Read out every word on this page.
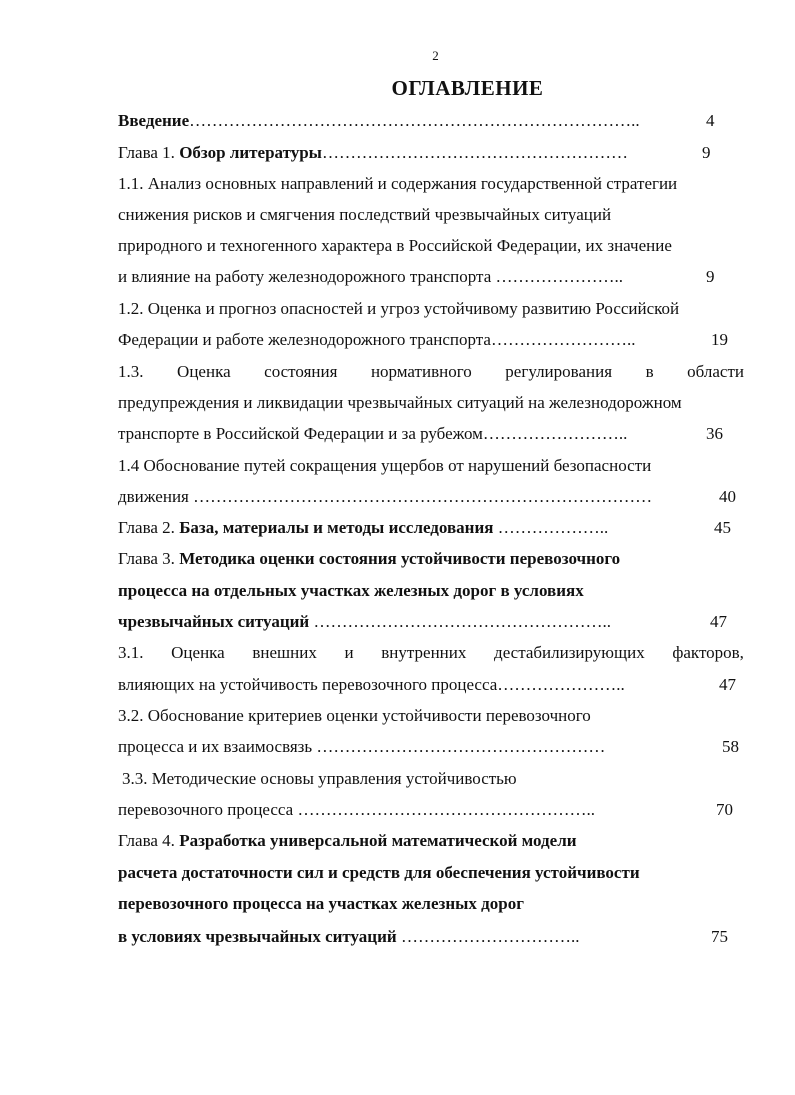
2
ОГЛАВЛЕНИЕ
Введение……………………………………………………………………..	4
Глава 1. Обзор литературы………………………………………………	9
1.1. Анализ основных направлений и содержания государственной стратегии
снижения рисков и смягчения последствий чрезвычайных ситуаций
природного и техногенного характера в Российской Федерации, их значение
и влияние на работу железнодорожного транспорта …………………..	9
1.2. Оценка и прогноз опасностей и угроз устойчивому развитию Российской
Федерации и работе железнодорожного транспорта……………………..	19
1.3. Оценка состояния нормативного регулирования в области
предупреждения и ликвидации чрезвычайных ситуаций на железнодорожном
транспорте в Российской Федерации и за рубежом……………………..	36
1.4 Обоснование путей сокращения ущербов от нарушений безопасности
движения ………………………………………………………………………	40
Глава 2. База, материалы и методы исследования ………………..	45
Глава 3. Методика оценки состояния устойчивости перевозочного
процесса на отдельных участках железных дорог в условиях
чрезвычайных ситуаций ……………………………………………..	47
3.1. Оценка внешних и внутренних дестабилизирующих факторов,
влияющих на устойчивость перевозочного процесса…………………..	47
3.2. Обоснование критериев оценки устойчивости перевозочного
процесса и их взаимосвязь ……………………………………………	58
3.3. Методические основы управления устойчивостью
перевозочного процесса ……………………………………………..	70
Глава 4. Разработка универсальной математической модели
расчета достаточности сил и средств для обеспечения устойчивости
перевозочного процесса на участках железных дорог
в условиях чрезвычайных ситуаций …………………………..	75
